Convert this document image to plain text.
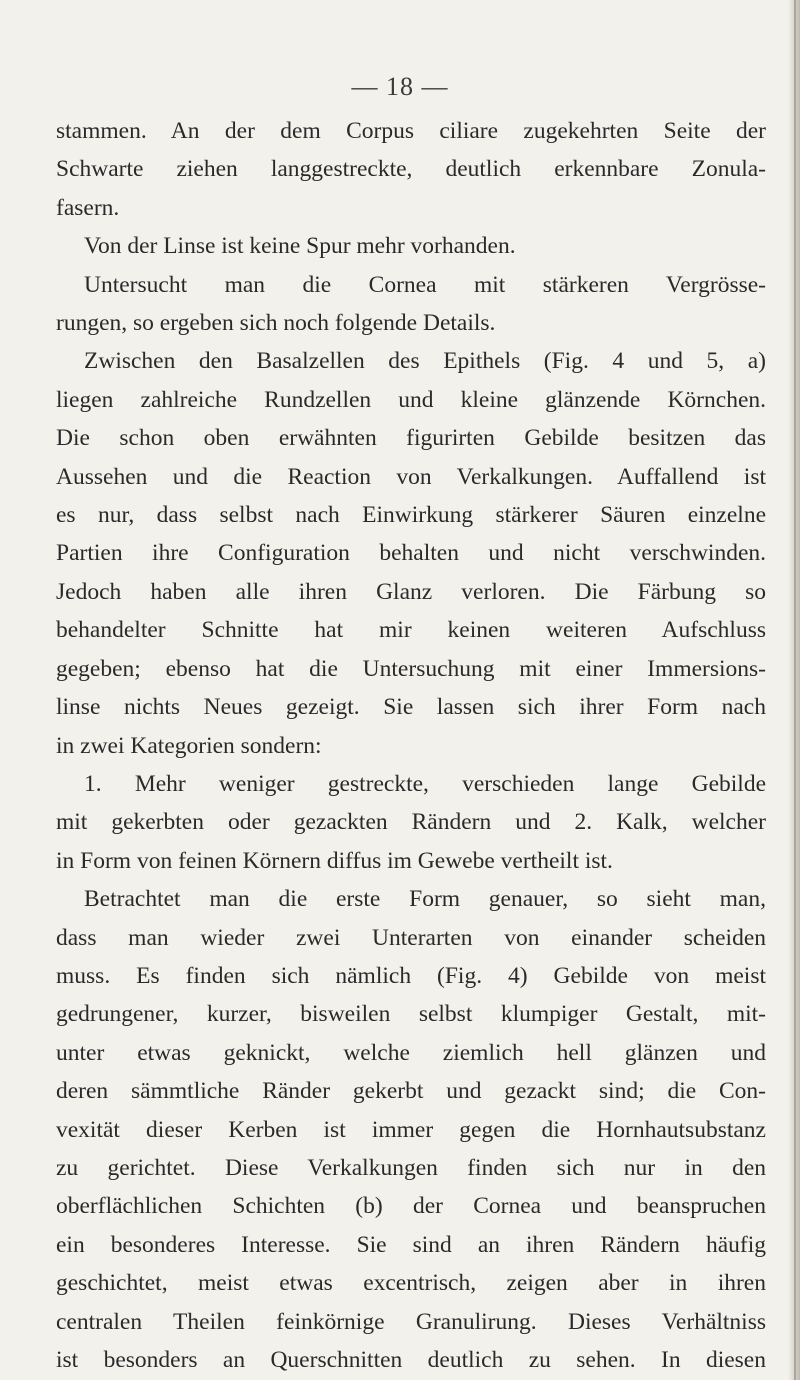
— 18 —
stammen. An der dem Corpus ciliare zugekehrten Seite der
Schwarte ziehen langgestreckte, deutlich erkennbare Zonula-
fasern.
Von der Linse ist keine Spur mehr vorhanden.
Untersucht man die Cornea mit stärkeren Vergrösse-
rungen, so ergeben sich noch folgende Details.
Zwischen den Basalzellen des Epithels (Fig. 4 und 5, a)
liegen zahlreiche Rundzellen und kleine glänzende Körnchen.
Die schon oben erwähnten figurirten Gebilde besitzen das
Aussehen und die Reaction von Verkalkungen. Auffallend ist
es nur, dass selbst nach Einwirkung stärkerer Säuren einzelne
Partien ihre Configuration behalten und nicht verschwinden.
Jedoch haben alle ihren Glanz verloren. Die Färbung so
behandelter Schnitte hat mir keinen weiteren Aufschluss
gegeben; ebenso hat die Untersuchung mit einer Immersions-
linse nichts Neues gezeigt. Sie lassen sich ihrer Form nach
in zwei Kategorien sondern:
1. Mehr weniger gestreckte, verschieden lange Gebilde
mit gekerbten oder gezackten Rändern und 2. Kalk, welcher
in Form von feinen Körnern diffus im Gewebe vertheilt ist.
Betrachtet man die erste Form genauer, so sieht man,
dass man wieder zwei Unterarten von einander scheiden
muss. Es finden sich nämlich (Fig. 4) Gebilde von meist
gedrungener, kurzer, bisweilen selbst klumpiger Gestalt, mit-
unter etwas geknickt, welche ziemlich hell glänzen und
deren sämmtliche Ränder gekerbt und gezackt sind; die Con-
vexität dieser Kerben ist immer gegen die Hornhautsubstanz
zu gerichtet. Diese Verkalkungen finden sich nur in den
oberflächlichen Schichten (b) der Cornea und beanspruchen
ein besonderes Interesse. Sie sind an ihren Rändern häufig
geschichtet, meist etwas excentrisch, zeigen aber in ihren
centralen Theilen feinkörnige Granulirung. Dieses Verhältniss
ist besonders an Querschnitten deutlich zu sehen. In diesen
